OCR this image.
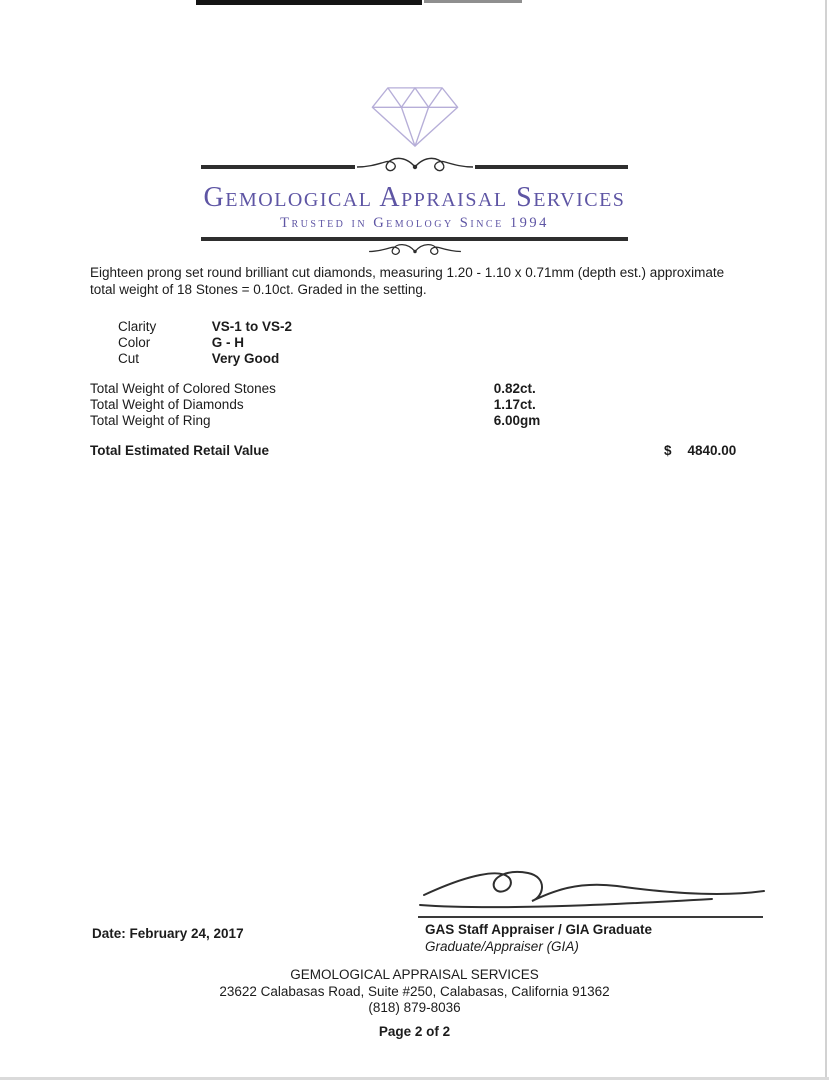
Gemological Appraisal Services
Trusted in Gemology Since 1994
Eighteen prong set round brilliant cut diamonds, measuring 1.20 - 1.10 x 0.71mm (depth est.) approximate total weight of 18 Stones = 0.10ct. Graded in the setting.
Clarity	VS-1 to VS-2
Color	G - H
Cut	Very Good
Total Weight of Colored Stones	0.82ct.
Total Weight of Diamonds	1.17ct.
Total Weight of Ring	6.00gm
Total Estimated Retail Value	$ 4840.00
Date: February 24, 2017	GAS Staff Appraiser / GIA Graduate
Graduate/Appraiser (GIA)
GEMOLOGICAL APPRAISAL SERVICES
23622 Calabasas Road, Suite #250, Calabasas, California 91362
(818) 879-8036
Page 2 of 2
